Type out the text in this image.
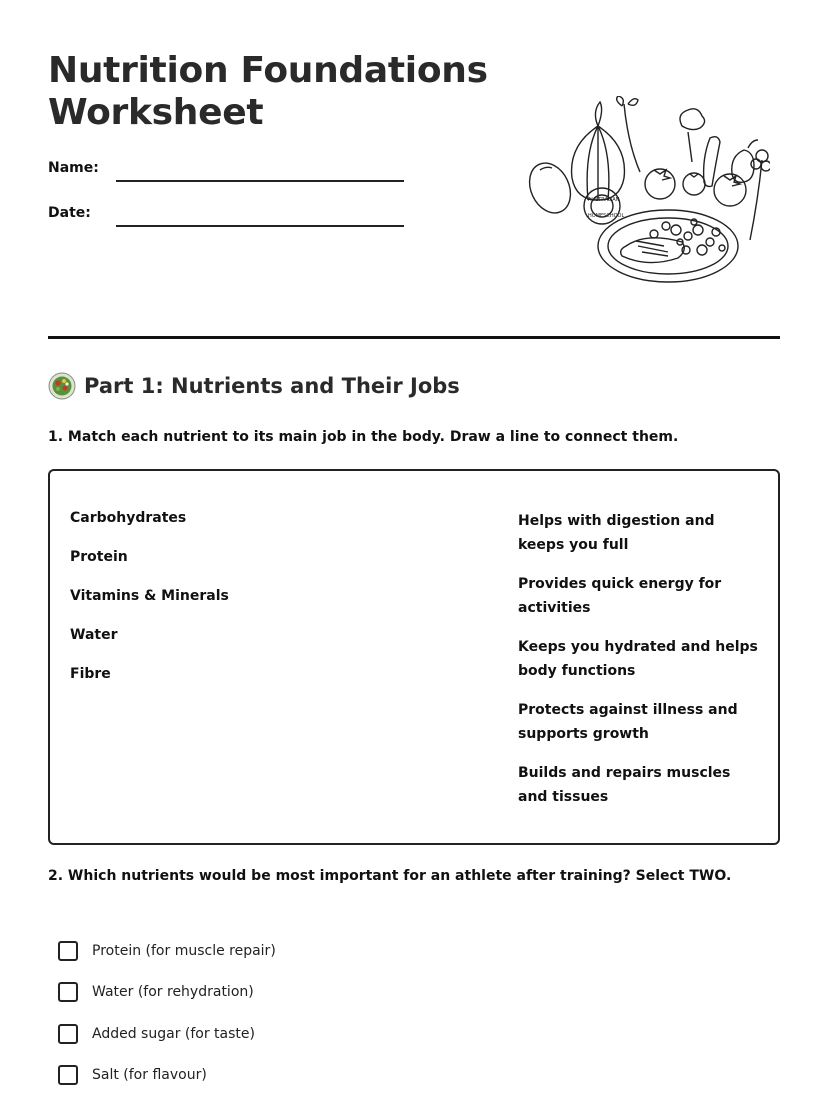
Nutrition Foundations
Worksheet
Name:
Date:
AUSTRALIAN
HOMESCHOOL
Part 1: Nutrients and Their Jobs
1. Match each nutrient to its main job in the body. Draw a line to connect them.
Carbohydrates
Protein
Vitamins & Minerals
Water
Fibre
Helps with digestion and keeps you full
Provides quick energy for activities
Keeps you hydrated and helps body functions
Protects against illness and supports growth
Builds and repairs muscles and tissues
2. Which nutrients would be most important for an athlete after training? Select TWO.
Protein (for muscle repair)
Water (for rehydration)
Added sugar (for taste)
Salt (for flavour)
